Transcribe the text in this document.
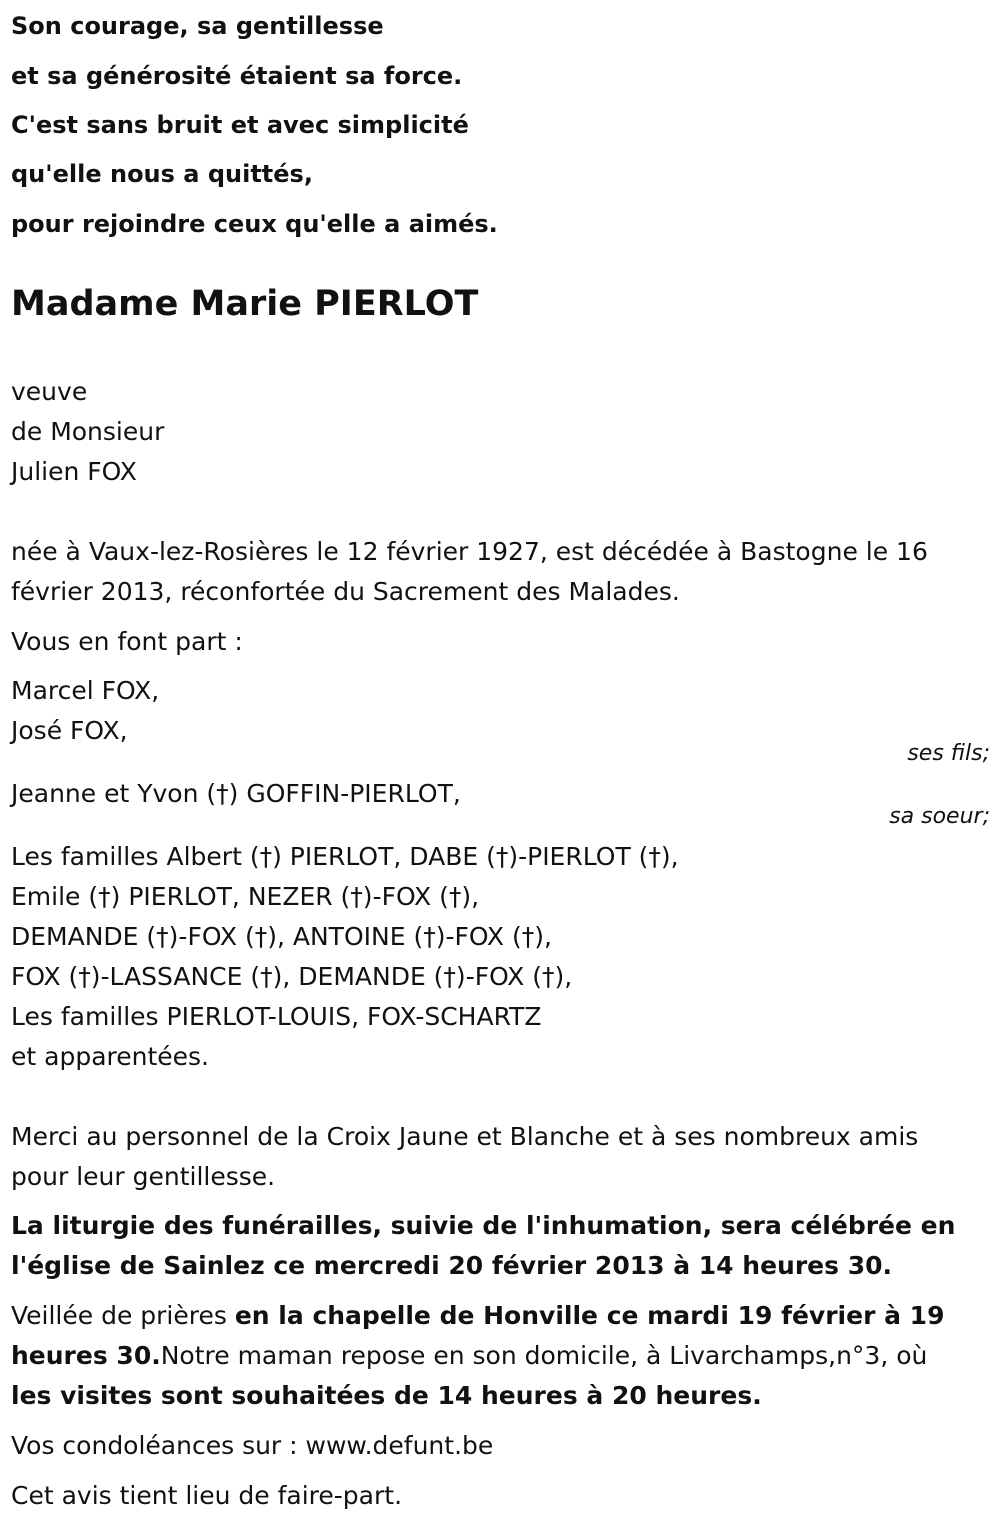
Son courage, sa gentillesse
et sa générosité étaient sa force.
C'est sans bruit et avec simplicité
qu'elle nous a quittés,
pour rejoindre ceux qu'elle a aimés.
Madame Marie PIERLOT
veuve
de Monsieur
Julien FOX
née à Vaux-lez-Rosières le 12 février 1927, est décédée à Bastogne le 16
février 2013, réconfortée du Sacrement des Malades.
Vous en font part :
Marcel FOX,
José FOX,
ses fils;
Jeanne et Yvon (†) GOFFIN-PIERLOT,
sa soeur;
Les familles Albert (†) PIERLOT, DABE (†)-PIERLOT (†),
Emile (†) PIERLOT, NEZER (†)-FOX (†),
DEMANDE (†)-FOX (†), ANTOINE (†)-FOX (†),
FOX (†)-LASSANCE (†), DEMANDE (†)-FOX (†),
Les familles PIERLOT-LOUIS, FOX-SCHARTZ
et apparentées.
Merci au personnel de la Croix Jaune et Blanche et à ses nombreux amis
pour leur gentillesse.
La liturgie des funérailles, suivie de l'inhumation, sera célébrée en
l'église de Sainlez ce mercredi 20 février 2013 à 14 heures 30.
Veillée de prières en la chapelle de Honville ce mardi 19 février à 19
heures 30.Notre maman repose en son domicile, à Livarchamps,n°3, où
les visites sont souhaitées de 14 heures à 20 heures.
Vos condoléances sur : www.defunt.be
Cet avis tient lieu de faire-part.
